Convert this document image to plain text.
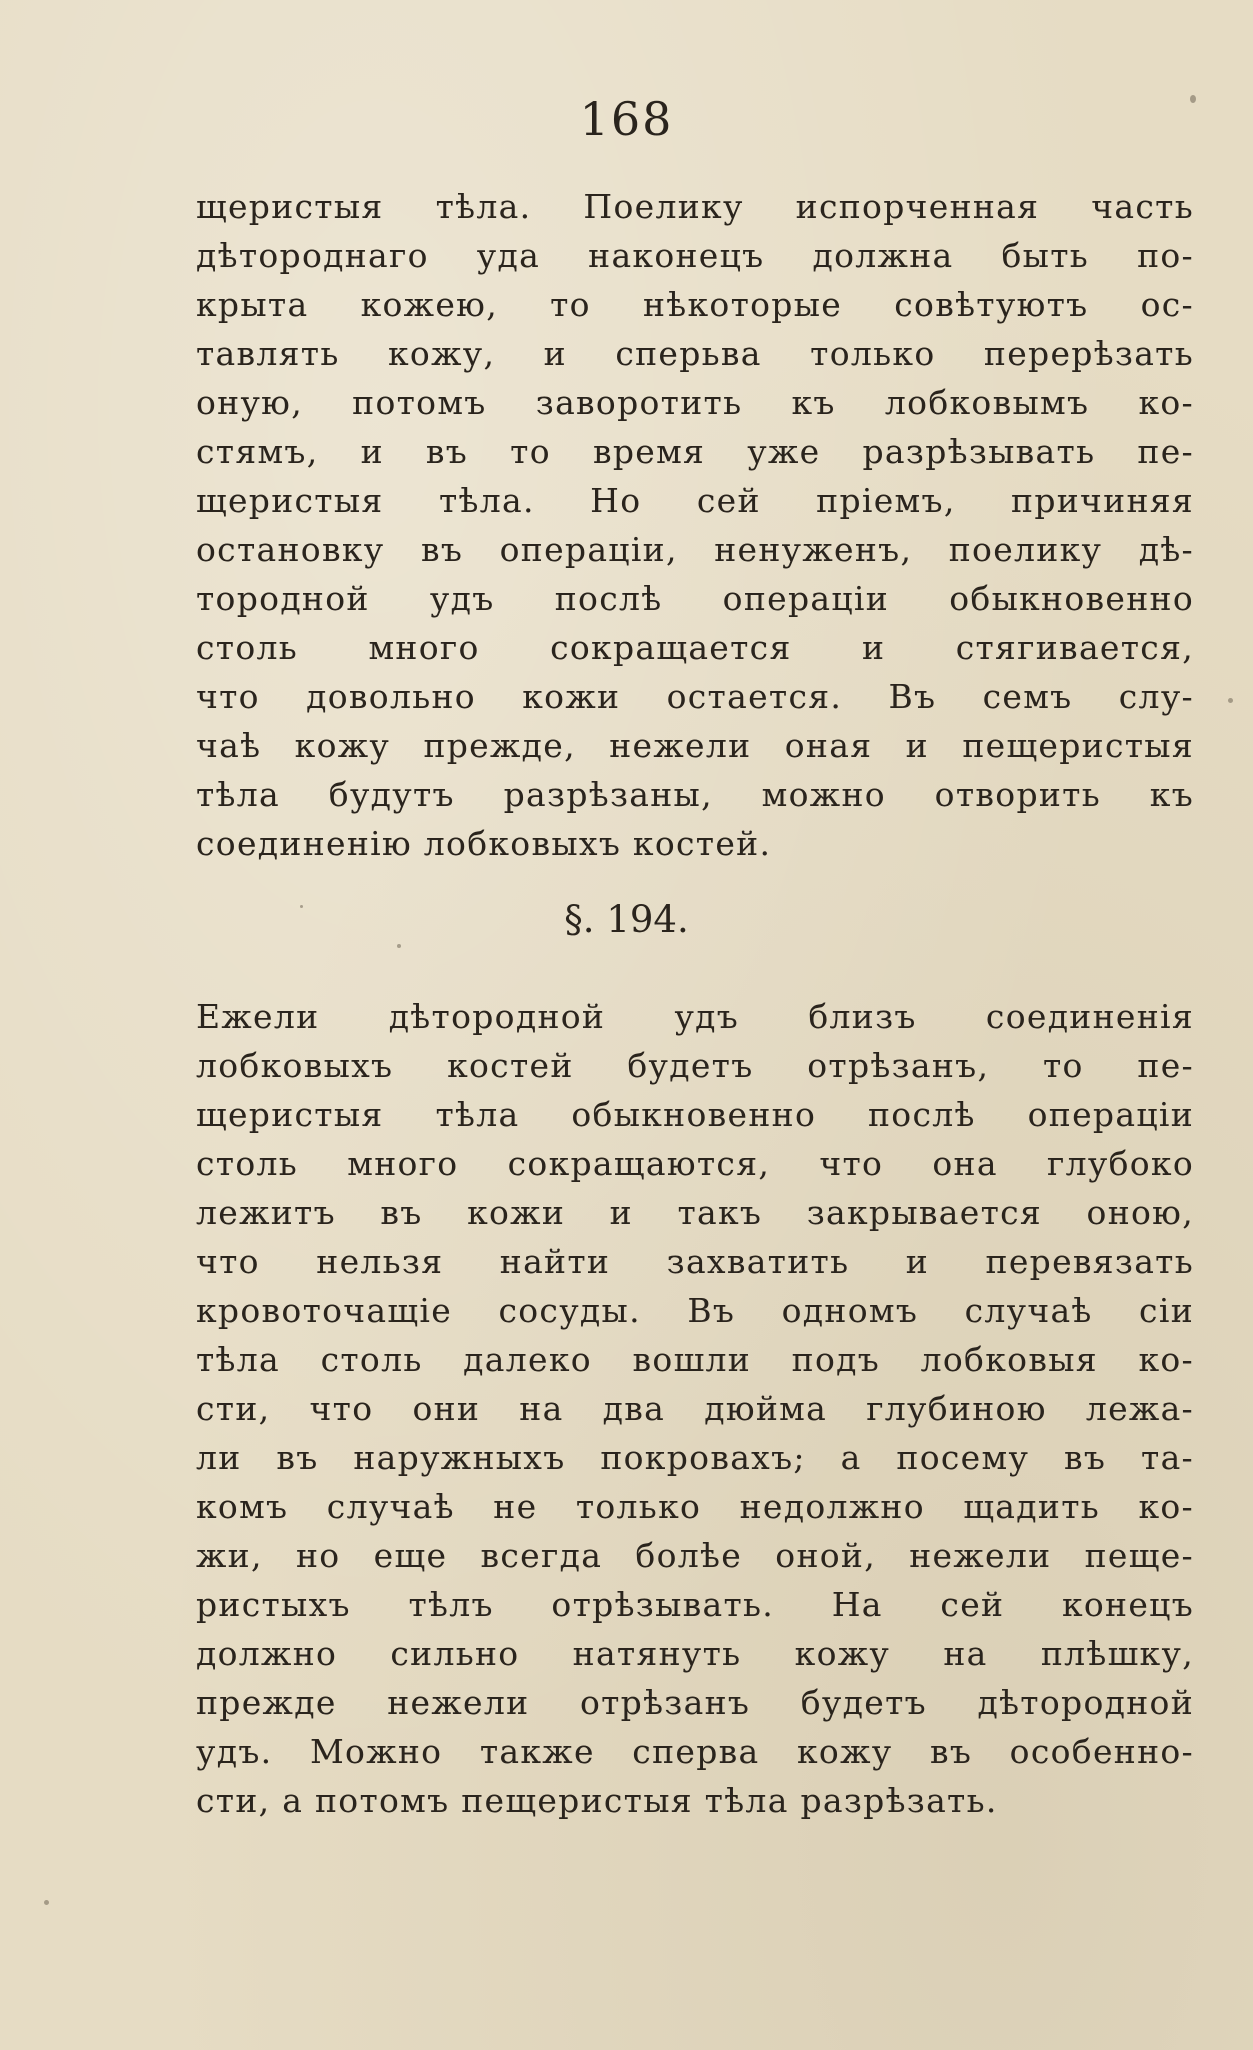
168
щеристыя тѣла. Поелику испорченная часть
дѣтороднаго уда наконецъ должна быть по-
крыта кожею, то нѣкоторые совѣтуютъ ос-
тавлять кожу, и сперьва только перерѣзать
оную, потомъ заворотить къ лобковымъ ко-
стямъ, и въ то время уже разрѣзывать пе-
щеристыя тѣла. Но сей прiемъ, причиняя
остановку въ операцiи, ненуженъ, поелику дѣ-
тородной удъ послѣ операцiи обыкновенно
столь много сокращается и стягивается,
что довольно кожи остается. Въ семъ слу-
чаѣ кожу прежде, нежели оная и пещеристыя
тѣла будутъ разрѣзаны, можно отворить къ
соединенiю лобковыхъ костей.
§. 194.
Ежели дѣтородной удъ близъ соединенiя
лобковыхъ костей будетъ отрѣзанъ, то пе-
щеристыя тѣла обыкновенно послѣ операцiи
столь много сокращаются, что она глубоко
лежитъ въ кожи и такъ закрывается оною,
что нельзя найти захватить и перевязать
кровоточащiе сосуды. Въ одномъ случаѣ сiи
тѣла столь далеко вошли подъ лобковыя ко-
сти, что они на два дюйма глубиною лежа-
ли въ наружныхъ покровахъ; а посему въ та-
комъ случаѣ не только недолжно щадить ко-
жи, но еще всегда болѣе оной, нежели пеще-
ристыхъ тѣлъ отрѣзывать. На сей конецъ
должно сильно натянуть кожу на плѣшку,
прежде нежели отрѣзанъ будетъ дѣтородной
удъ. Можно также сперва кожу въ особенно-
сти, а потомъ пещеристыя тѣла разрѣзать.
